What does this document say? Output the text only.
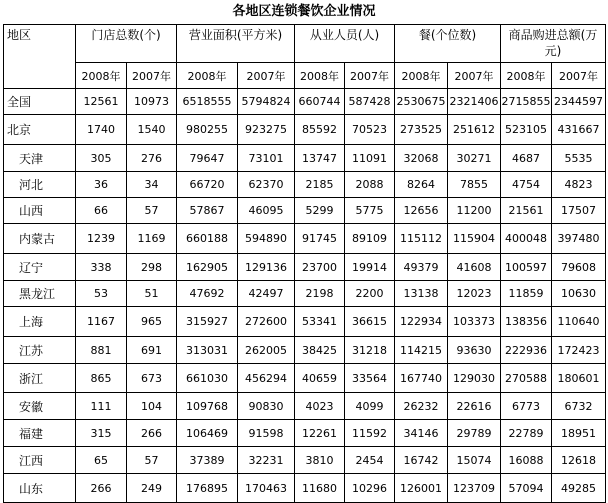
各地区连锁餐饮企业情况
地区	门店总数(个)		营业面积(平方米)		从业人员(人)		餐(个位数)		商品购进总额(万元)	
	2008年	2007年	2008年	2007年	2008年	2007年	2008年	2007年	2008年	2007年
全国	12561	10973	6518555	5794824	660744	587428	2530675	2321406	2715855	2344597
北京	1740	1540	980255	923275	85592	70523	273525	251612	523105	431667
天津	305	276	79647	73101	13747	11091	32068	30271	4687	5535
河北	36	34	66720	62370	2185	2088	8264	7855	4754	4823
山西	66	57	57867	46095	5299	5775	12656	11200	21561	17507
内蒙古	1239	1169	660188	594890	91745	89109	115112	115904	400048	397480
辽宁	338	298	162905	129136	23700	19914	49379	41608	100597	79608
黑龙江	53	51	47692	42497	2198	2200	13138	12023	11859	10630
上海	1167	965	315927	272600	53341	36615	122934	103373	138356	110640
江苏	881	691	313031	262005	38425	31218	114215	93630	222936	172423
浙江	865	673	661030	456294	40659	33564	167740	129030	270588	180601
安徽	111	104	109768	90830	4023	4099	26232	22616	6773	6732
福建	315	266	106469	91598	12261	11592	34146	29789	22789	18951
江西	65	57	37389	32231	3810	2454	16742	15074	16088	12618
山东	266	249	176895	170463	11680	10296	126001	123709	57094	49285
